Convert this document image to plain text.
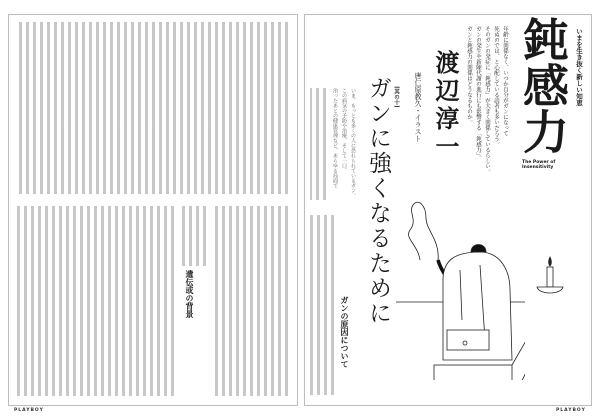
遺伝或の背景
PLAYBOY
ガンの原因について
いま、もっとも多くの人に恐れられているガン。
この病気の予防や治療、そして一口、
治ったあとの健康管理など、あらゆる局面で ガンに強くなるために [其の十] 唐仁原教久・イラスト 渡辺淳一	年齢に関係なく、いつか自分がガンになって
死ぬのでは、と心配している読者も多いだろう。
そのガンの発症に「鈍感力」が大きく関係しているらしい。
ガンの発生や新陳代謝の進行にも影響する「鈍感力」。
ガンと鈍感力の関係はどうなるものか。 鈍感力
The Power of
Insensitivity
いまを生き抜く新しい知恵
PLAYBOY
